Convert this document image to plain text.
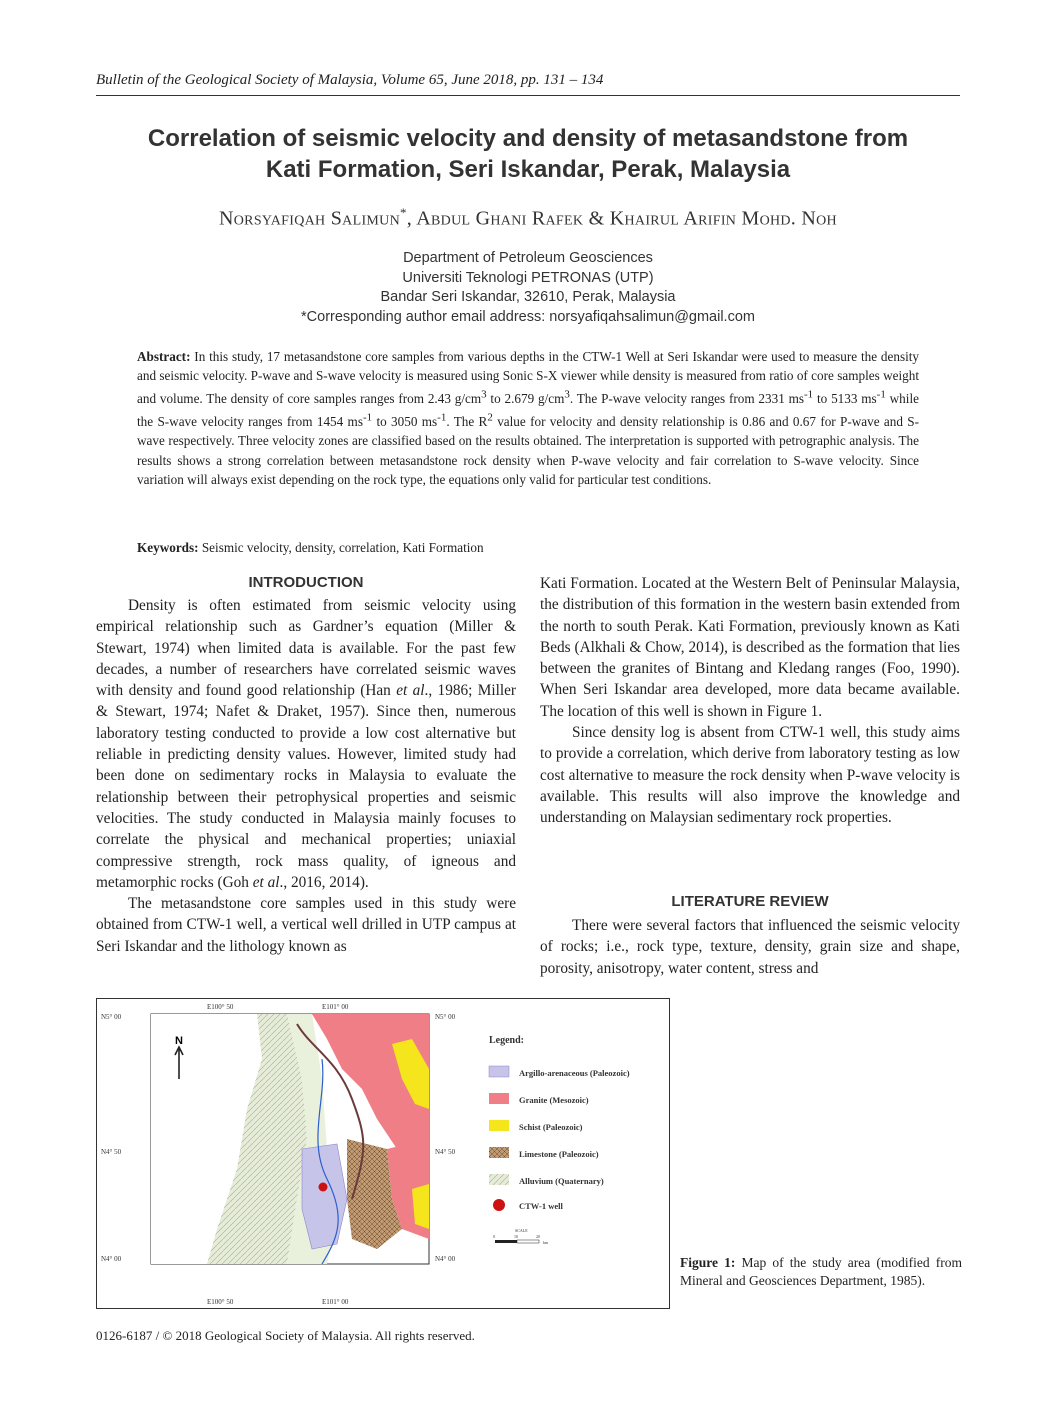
Bulletin of the Geological Society of Malaysia, Volume 65, June 2018, pp. 131 – 134
Correlation of seismic velocity and density of metasandstone from
Kati Formation, Seri Iskandar, Perak, Malaysia
Norsyafiqah Salimun*, Abdul Ghani Rafek & Khairul Arifin Mohd. Noh
Department of Petroleum Geosciences
Universiti Teknologi PETRONAS (UTP)
Bandar Seri Iskandar, 32610, Perak, Malaysia
*Corresponding author email address: norsyafiqahsalimun@gmail.com
Abstract: In this study, 17 metasandstone core samples from various depths in the CTW-1 Well at Seri Iskandar were used to measure the density and seismic velocity. P-wave and S-wave velocity is measured using Sonic S-X viewer while density is measured from ratio of core samples weight and volume. The density of core samples ranges from 2.43 $g/cm^3$ to 2.679 $g/cm^3$. The P-wave velocity ranges from 2331 $ms^{-1}$ to 5133 $ms^{-1}$ while the S-wave velocity ranges from 1454 $ms^{-1}$ to 3050 $ms^{-1}$. The $R^2$ value for velocity and density relationship is 0.86 and 0.67 for P-wave and S-wave respectively. Three velocity zones are classified based on the results obtained. The interpretation is supported with petrographic analysis. The results shows a strong correlation between metasandstone rock density when P-wave velocity and fair correlation to S-wave velocity. Since variation will always exist depending on the rock type, the equations only valid for particular test conditions.
Keywords: Seismic velocity, density, correlation, Kati Formation
INTRODUCTION

Density is often estimated from seismic velocity using empirical relationship such as Gardner’s equation (Miller & Stewart, 1974) when limited data is available. For the past few decades, a number of researchers have correlated seismic waves with density and found good relationship (Han et al., 1986; Miller & Stewart, 1974; Nafet & Draket, 1957). Since then, numerous laboratory testing conducted to provide a low cost alternative but reliable in predicting density values. However, limited study had been done on sedimentary rocks in Malaysia to evaluate the relationship between their petrophysical properties and seismic velocities. The study conducted in Malaysia mainly focuses to correlate the physical and mechanical properties; uniaxial compressive strength, rock mass quality, of igneous and metamorphic rocks (Goh et al., 2016, 2014).

The metasandstone core samples used in this study were obtained from CTW-1 well, a vertical well drilled in UTP campus at Seri Iskandar and the lithology known as

Kati Formation. Located at the Western Belt of Peninsular Malaysia, the distribution of this formation in the western basin extended from the north to south Perak. Kati Formation, previously known as Kati Beds (Alkhali & Chow, 2014), is described as the formation that lies between the granites of Bintang and Kledang ranges (Foo, 1990). When Seri Iskandar area developed, more data became available. The location of this well is shown in Figure 1.

Since density log is absent from CTW-1 well, this study aims to provide a correlation, which derive from laboratory testing as low cost alternative to measure the rock density when P-wave velocity is available. This results will also improve the knowledge and understanding on Malaysian sedimentary rock properties.

LITERATURE REVIEW

There were several factors that influenced the seismic velocity of rocks; i.e., rock type, texture, density, grain size and shape, porosity, anisotropy, water content, stress and

N
E100° 50	E101° 00
E100° 50	E101° 00
N5° 00	N5° 00
N4° 50	N4° 50
N4° 00	N4° 00
Legend:
Argillo-arenaceous (Paleozoic)
Granite (Mesozoic)
Schist (Paleozoic)
Limestone (Paleozoic)
Alluvium (Quaternary)
CTW-1 well
SCALE
0	10	20
km
Figure 1: Map of the study area (modified from Mineral and Geosciences Department, 1985).
0126-6187 / © 2018 Geological Society of Malaysia. All rights reserved.
